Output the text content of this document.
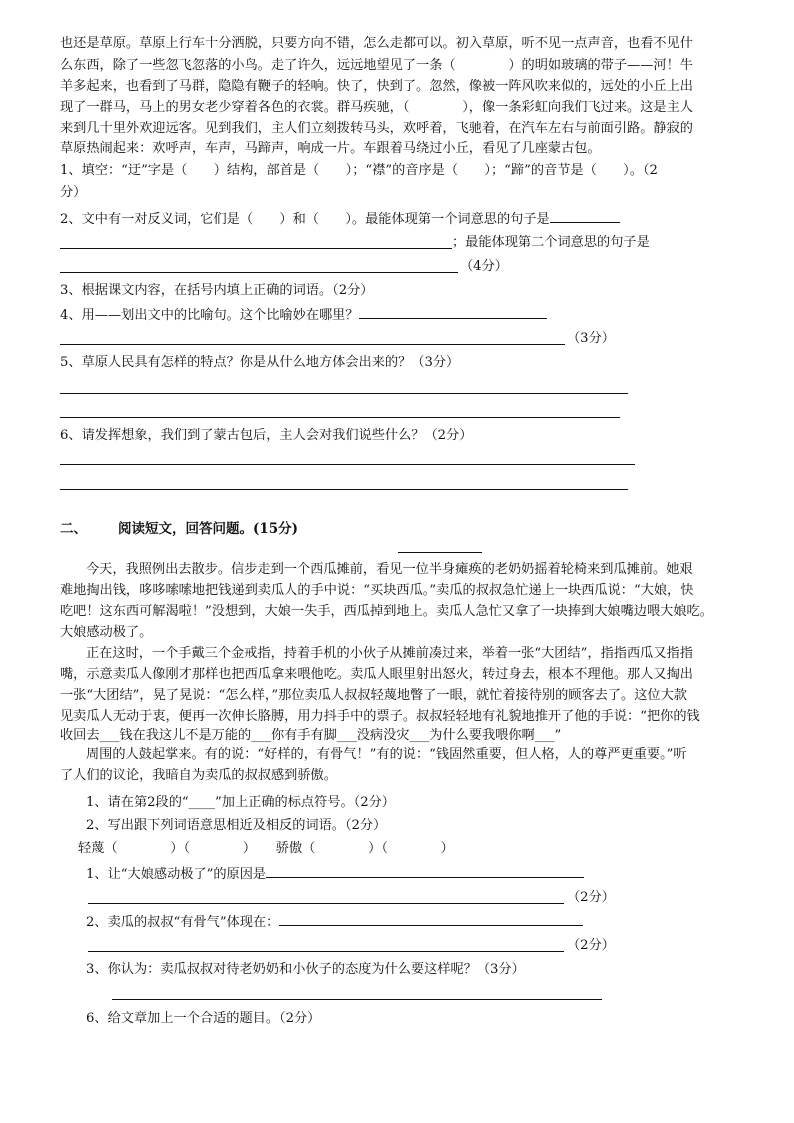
也还是草原。草原上行车十分洒脱，只要方向不错，怎么走都可以。初入草原，听不见一点声音，也看不见什
么东西，除了一些忽飞忽落的小鸟。走了许久，远远地望见了一条（　　　　）的明如玻璃的带子——河！牛
羊多起来，也看到了马群，隐隐有鞭子的轻响。快了，快到了。忽然，像被一阵风吹来似的，远处的小丘上出
现了一群马，马上的男女老少穿着各色的衣裳。群马疾驰，（　　　　），像一条彩虹向我们飞过来。这是主人
来到几十里外欢迎远客。见到我们，主人们立刻拨转马头，欢呼着，飞驰着，在汽车左右与前面引路。静寂的
草原热闹起来：欢呼声，车声，马蹄声，响成一片。车跟着马绕过小丘，看见了几座蒙古包。
1、填空：“迂”字是（　　）结构，部首是（　　）；“襟”的音序是（　　）；“蹄”的音节是（　　）。（2
分）
2、文中有一对反义词，它们是（　　）和（　　）。最能体现第一个词意思的句子是
；最能体现第二个词意思的句子是
（4分）
3、根据课文内容，在括号内填上正确的词语。（2分）
4、用——划出文中的比喻句。这个比喻妙在哪里？
（3分）
5、草原人民具有怎样的特点？你是从什么地方体会出来的？（3分）
6、请发挥想象，我们到了蒙古包后，主人会对我们说些什么？（2分）
二、 阅读短文，回答问题。(15分)
今天，我照例出去散步。信步走到一个西瓜摊前，看见一位半身瘫痪的老奶奶摇着轮椅来到瓜摊前。她艰
难地掏出钱，哆哆嗦嗦地把钱递到卖瓜人的手中说：“买块西瓜。”卖瓜的叔叔急忙递上一块西瓜说：“大娘，快
吃吧！这东西可解渴啦！”没想到，大娘一失手，西瓜掉到地上。卖瓜人急忙又拿了一块捧到大娘嘴边喂大娘吃。
大娘感动极了。
正在这时，一个手戴三个金戒指，持着手机的小伙子从摊前凑过来，举着一张“大团结”，指指西瓜又指指
嘴，示意卖瓜人像刚才那样也把西瓜拿来喂他吃。卖瓜人眼里射出怒火，转过身去，根本不理他。那人又掏出
一张“大团结”，晃了晃说：“怎么样，”那位卖瓜人叔叔轻蔑地瞥了一眼，就忙着接待别的顾客去了。这位大款
见卖瓜人无动于衷，便再一次伸长胳膊，用力抖手中的票子。叔叔轻轻地有礼貌地推开了他的手说：“把你的钱
收回去___钱在我这儿不是万能的___你有手有脚___没病没灾___为什么要我喂你啊___”
周围的人鼓起掌来。有的说：“好样的，有骨气！”有的说：“钱固然重要，但人格，人的尊严更重要。”听
了人们的议论，我暗自为卖瓜的叔叔感到骄傲。
1、请在第2段的“____”加上正确的标点符号。（2分）
2、写出跟下列词语意思相近及相反的词语。（2分）
轻蔑（　　　　）（　　　　）　　骄傲（　　　　）（　　　　）
1、让“大娘感动极了”的原因是
（2分）
2、卖瓜的叔叔“有骨气”体现在：
（2分）
3、你认为：卖瓜叔叔对待老奶奶和小伙子的态度为什么要这样呢？（3分）
6、给文章加上一个合适的题目。（2分）
